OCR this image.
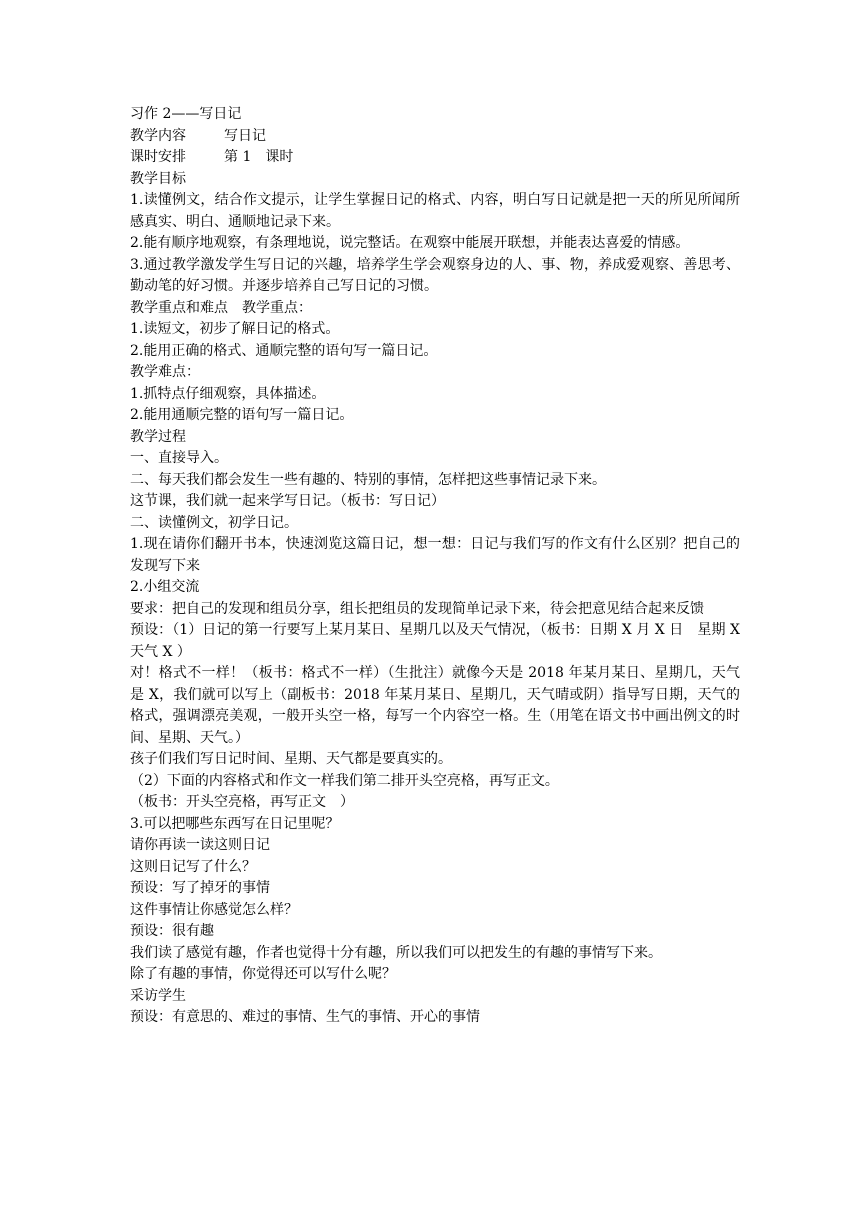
习作 2——写日记
教学内容	写日记
课时安排	第 1　课时
教学目标
1.读懂例文，结合作文提示，让学生掌握日记的格式、内容，明白写日记就是把一天的所见所闻所感真实、明白、通顺地记录下来。
2.能有顺序地观察，有条理地说，说完整话。在观察中能展开联想，并能表达喜爱的情感。
3.通过教学激发学生写日记的兴趣，培养学生学会观察身边的人、事、物，养成爱观察、善思考、勤动笔的好习惯。并逐步培养自己写日记的习惯。
教学重点和难点　教学重点：
1.读短文，初步了解日记的格式。
2.能用正确的格式、通顺完整的语句写一篇日记。
教学难点：
1.抓特点仔细观察，具体描述。
2.能用通顺完整的语句写一篇日记。
教学过程
一、直接导入。
二、每天我们都会发生一些有趣的、特别的事情，怎样把这些事情记录下来。
这节课，我们就一起来学写日记。（板书：写日记）
二、读懂例文，初学日记。
1.现在请你们翻开书本，快速浏览这篇日记，想一想：日记与我们写的作文有什么区别？把自己的发现写下来
2.小组交流
要求：把自己的发现和组员分享，组长把组员的发现简单记录下来，待会把意见结合起来反馈
预设：（1）日记的第一行要写上某月某日、星期几以及天气情况，（板书：日期 X 月 X 日　星期 X　天气 X ）
对！格式不一样！（板书：格式不一样）（生批注）就像今天是 2018 年某月某日、星期几，天气是 X，我们就可以写上（副板书：2018 年某月某日、星期几，天气晴或阴）指导写日期，天气的格式，强调漂亮美观，一般开头空一格，每写一个内容空一格。生（用笔在语文书中画出例文的时间、星期、天气。）
孩子们我们写日记时间、星期、天气都是要真实的。
（2）下面的内容格式和作文一样我们第二排开头空亮格，再写正文。
（板书：开头空亮格，再写正文　）
3.可以把哪些东西写在日记里呢？
请你再读一读这则日记
这则日记写了什么？
预设：写了掉牙的事情
这件事情让你感觉怎么样？
预设：很有趣
我们读了感觉有趣，作者也觉得十分有趣，所以我们可以把发生的有趣的事情写下来。
除了有趣的事情，你觉得还可以写什么呢？
采访学生
预设：有意思的、难过的事情、生气的事情、开心的事情
